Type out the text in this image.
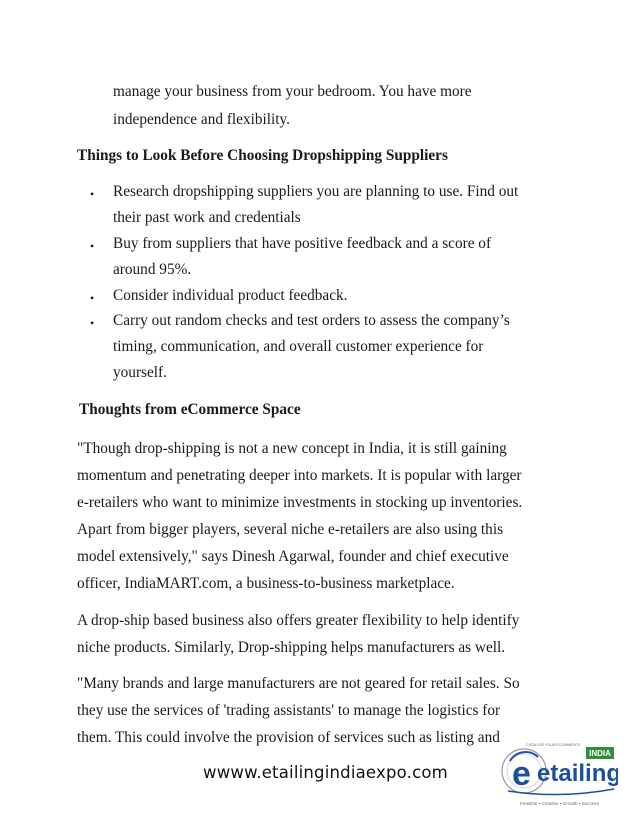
manage your business from your bedroom. You have more
independence and flexibility.
Things to Look Before Choosing Dropshipping Suppliers
• Research dropshipping suppliers you are planning to use. Find out
their past work and credentials
• Buy from suppliers that have positive feedback and a score of
around 95%.
• Consider individual product feedback.
• Carry out random checks and test orders to assess the company’s
timing, communication, and overall customer experience for
yourself.
Thoughts from eCommerce Space
"Though drop-shipping is not a new concept in India, it is still gaining
momentum and penetrating deeper into markets. It is popular with larger
e-retailers who want to minimize investments in stocking up inventories.
Apart from bigger players, several niche e-retailers are also using this
model extensively," says Dinesh Agarwal, founder and chief executive
officer, IndiaMART.com, a business-to-business marketplace.
A drop-ship based business also offers greater flexibility to help identify
niche products. Similarly, Drop-shipping helps manufacturers as well.
"Many brands and large manufacturers are not geared for retail sales. So
they use the services of 'trading assistants' to manage the logistics for
them. This could involve the provision of services such as listing and
wwww.etailingindiaexpo.com e etailing
INDIA
Feasible • Creative • Growth • Success
CATALYSE YOUR ECOMMERCE
